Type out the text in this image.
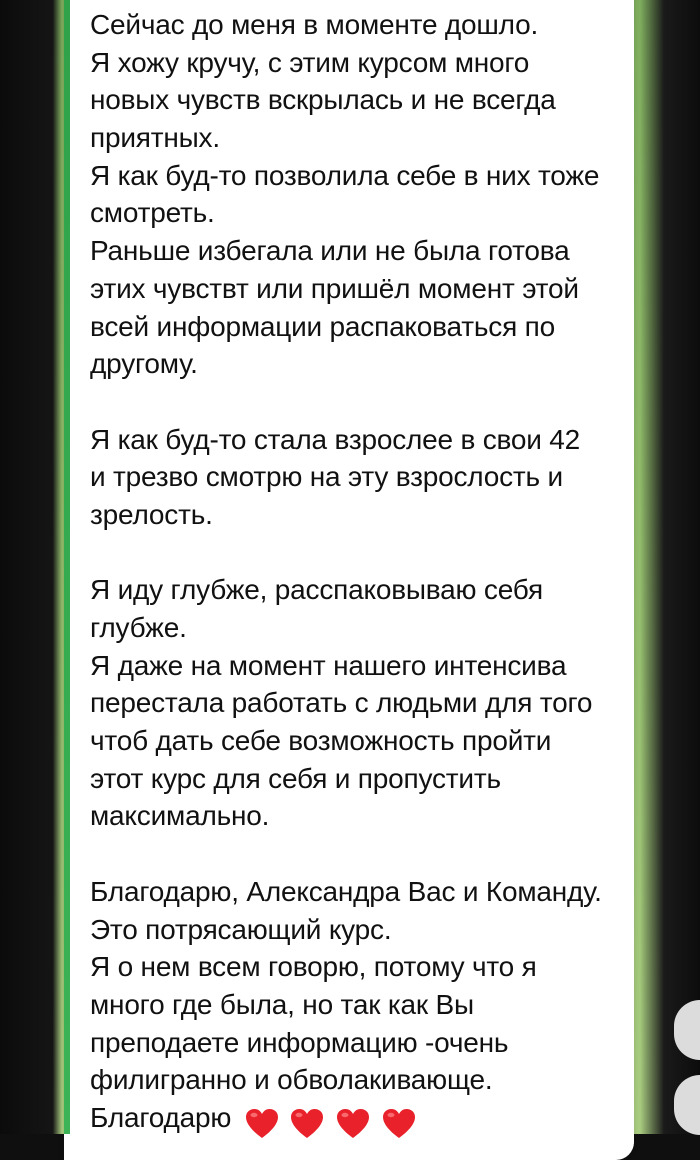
Сейчас до меня в моменте дошло.
Я хожу кручу, с этим курсом много
новых чувств вскрылась и не всегда
приятных.
Я как буд-то позволила себе в них тоже
смотреть.
Раньше избегала или не была готова
этих чувствт или пришёл момент этой
всей информации распаковаться по
другому.
Я как буд-то стала взрослее в свои 42
и трезво смотрю на эту взрослость и
зрелость.
Я иду глубже, расспаковываю себя
глубже.
Я даже на момент нашего интенсива
перестала работать с людьми для того
чтоб дать себе возможность пройти
этот курс для себя и пропустить
максимально.
Благодарю, Александра Вас и Команду.
Это потрясающий курс.
Я о нем всем говорю, потому что я
много где была, но так как Вы
преподаете информацию -очень
филигранно и обволакивающе.
Благодарю
